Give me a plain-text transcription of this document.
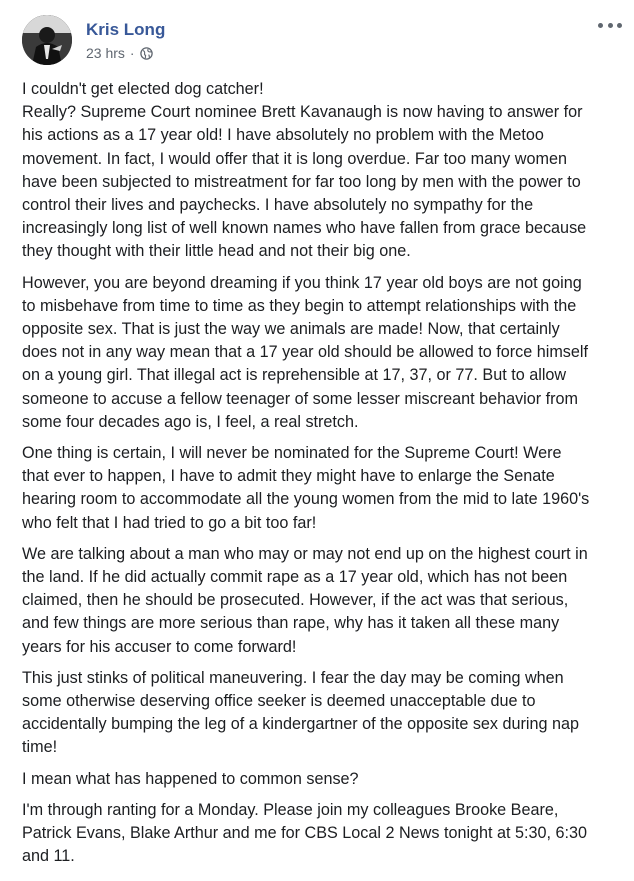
Kris Long
23 hrs ·

I couldn't get elected dog catcher!
Really? Supreme Court nominee Brett Kavanaugh is now having to answer for
his actions as a 17 year old! I have absolutely no problem with the Metoo
movement. In fact, I would offer that it is long overdue. Far too many women
have been subjected to mistreatment for far too long by men with the power to
control their lives and paychecks. I have absolutely no sympathy for the
increasingly long list of well known names who have fallen from grace because
they thought with their little head and not their big one.

However, you are beyond dreaming if you think 17 year old boys are not going
to misbehave from time to time as they begin to attempt relationships with the
opposite sex. That is just the way we animals are made! Now, that certainly
does not in any way mean that a 17 year old should be allowed to force himself
on a young girl. That illegal act is reprehensible at 17, 37, or 77. But to allow
someone to accuse a fellow teenager of some lesser miscreant behavior from
some four decades ago is, I feel, a real stretch.

One thing is certain, I will never be nominated for the Supreme Court! Were
that ever to happen, I have to admit they might have to enlarge the Senate
hearing room to accommodate all the young women from the mid to late 1960's
who felt that I had tried to go a bit too far!

We are talking about a man who may or may not end up on the highest court in
the land. If he did actually commit rape as a 17 year old, which has not been
claimed, then he should be prosecuted. However, if the act was that serious,
and few things are more serious than rape, why has it taken all these many
years for his accuser to come forward!

This just stinks of political maneuvering. I fear the day may be coming when
some otherwise deserving office seeker is deemed unacceptable due to
accidentally bumping the leg of a kindergartner of the opposite sex during nap
time!

I mean what has happened to common sense?

I'm through ranting for a Monday. Please join my colleagues Brooke Beare,
Patrick Evans, Blake Arthur and me for CBS Local 2 News tonight at 5:30, 6:30
and 11.
